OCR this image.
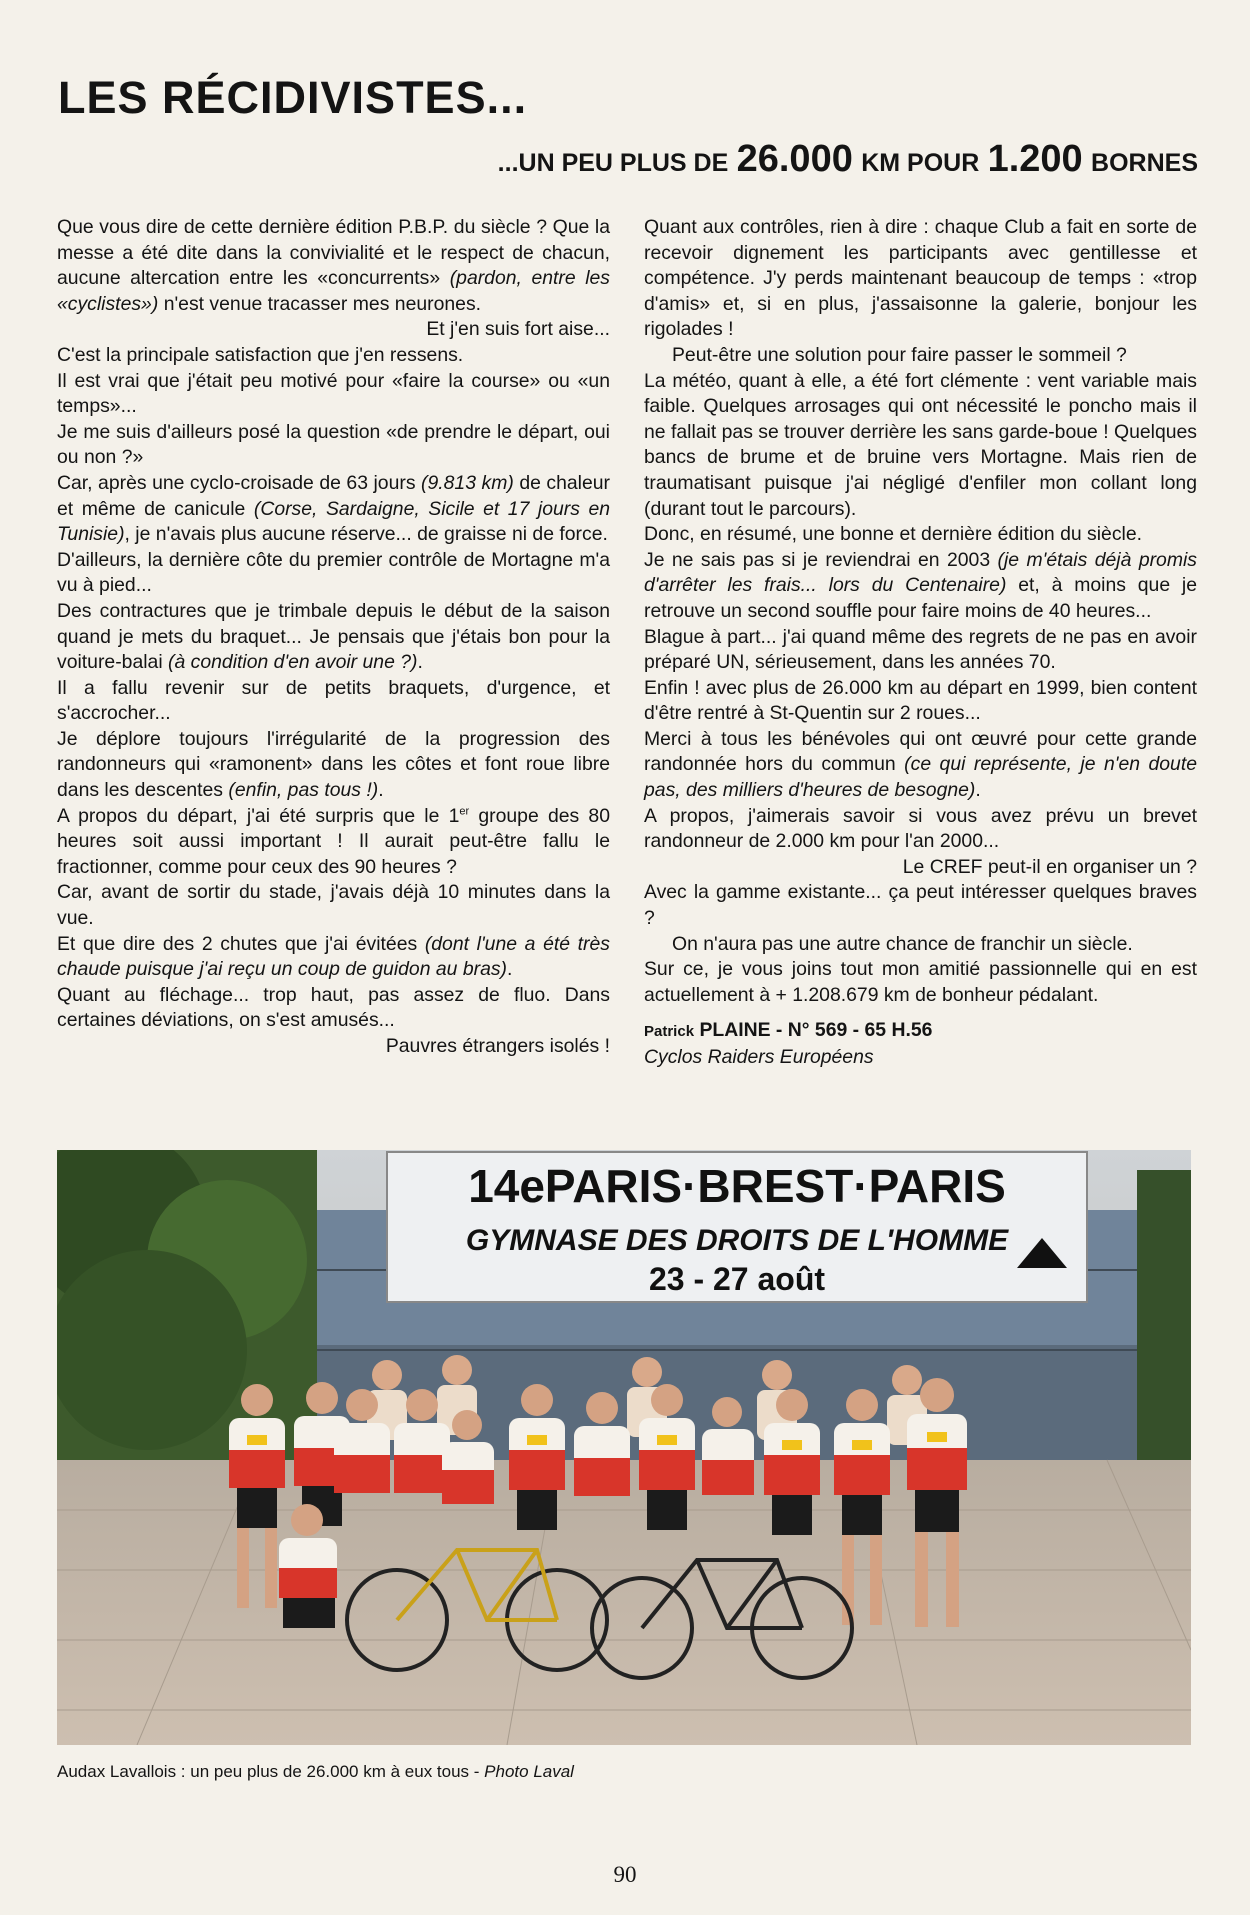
LES RÉCIDIVISTES...
...UN PEU PLUS DE 26.000 KM POUR 1.200 BORNES

Que vous dire de cette dernière édition P.B.P. du siècle ? Que la messe a été dite dans la convivialité et le respect de chacun, aucune altercation entre les «concurrents» (pardon, entre les «cyclistes») n'est venue tracasser mes neurones.

Et j'en suis fort aise...

C'est la principale satisfaction que j'en ressens.

Il est vrai que j'était peu motivé pour «faire la course» ou «un temps»...

Je me suis d'ailleurs posé la question «de prendre le départ, oui ou non ?»

Car, après une cyclo-croisade de 63 jours (9.813 km) de chaleur et même de canicule (Corse, Sardaigne, Sicile et 17 jours en Tunisie), je n'avais plus aucune réserve... de graisse ni de force.

D'ailleurs, la dernière côte du premier contrôle de Mortagne m'a vu à pied...

Des contractures que je trimbale depuis le début de la saison quand je mets du braquet... Je pensais que j'étais bon pour la voiture-balai (à condition d'en avoir une ?).

Il a fallu revenir sur de petits braquets, d'urgence, et s'accrocher...

Je déplore toujours l'irrégularité de la progression des randonneurs qui «ramonent» dans les côtes et font roue libre dans les descentes (enfin, pas tous !).

A propos du départ, j'ai été surpris que le 1er groupe des 80 heures soit aussi important ! Il aurait peut-être fallu le fractionner, comme pour ceux des 90 heures ?

Car, avant de sortir du stade, j'avais déjà 10 minutes dans la vue.

Et que dire des 2 chutes que j'ai évitées (dont l'une a été très chaude puisque j'ai reçu un coup de guidon au bras).

Quant au fléchage... trop haut, pas assez de fluo. Dans certaines déviations, on s'est amusés...

Pauvres étrangers isolés !

Quant aux contrôles, rien à dire : chaque Club a fait en sorte de recevoir dignement les participants avec gentillesse et compétence. J'y perds maintenant beaucoup de temps : «trop d'amis» et, si en plus, j'assaisonne la galerie, bonjour les rigolades !

Peut-être une solution pour faire passer le sommeil ?

La météo, quant à elle, a été fort clémente : vent variable mais faible. Quelques arrosages qui ont nécessité le poncho mais il ne fallait pas se trouver derrière les sans garde-boue ! Quelques bancs de brume et de bruine vers Mortagne. Mais rien de traumatisant puisque j'ai négligé d'enfiler mon collant long (durant tout le parcours).

Donc, en résumé, une bonne et dernière édition du siècle.

Je ne sais pas si je reviendrai en 2003 (je m'étais déjà promis d'arrêter les frais... lors du Centenaire) et, à moins que je retrouve un second souffle pour faire moins de 40 heures...

Blague à part... j'ai quand même des regrets de ne pas en avoir préparé UN, sérieusement, dans les années 70.

Enfin ! avec plus de 26.000 km au départ en 1999, bien content d'être rentré à St-Quentin sur 2 roues...

Merci à tous les bénévoles qui ont œuvré pour cette grande randonnée hors du commun (ce qui représente, je n'en doute pas, des milliers d'heures de besogne).

A propos, j'aimerais savoir si vous avez prévu un brevet randonneur de 2.000 km pour l'an 2000...

Le CREF peut-il en organiser un ?

Avec la gamme existante... ça peut intéresser quelques braves ?

On n'aura pas une autre chance de franchir un siècle.

Sur ce, je vous joins tout mon amitié passionnelle qui en est actuellement à + 1.208.679 km de bonheur pédalant.

Patrick PLAINE - N° 569 - 65 H.56

Cyclos Raiders Européens

14ePARIS·BREST·PARIS
GYMNASE DES DROITS DE L'HOMME
23 - 27 août
Audax Lavallois : un peu plus de 26.000 km à eux tous - Photo Laval
90
